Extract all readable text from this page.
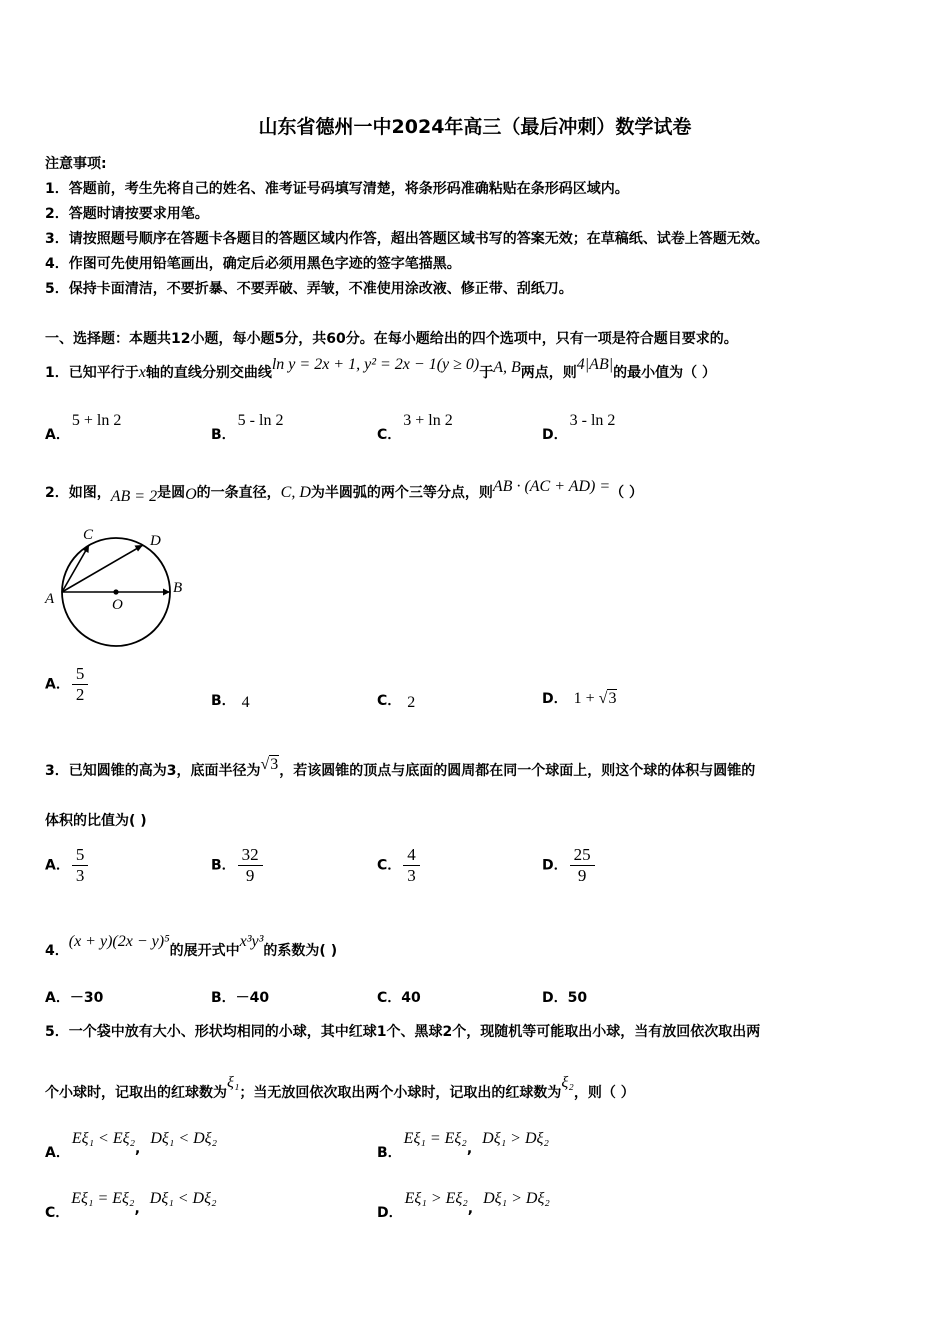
山东省德州一中2024年高三（最后冲刺）数学试卷
注意事项:
1．答题前，考生先将自己的姓名、准考证号码填写清楚，将条形码准确粘贴在条形码区域内。
2．答题时请按要求用笔。
3．请按照题号顺序在答题卡各题目的答题区域内作答，超出答题区域书写的答案无效；在草稿纸、试卷上答题无效。
4．作图可先使用铅笔画出，确定后必须用黑色字迹的签字笔描黑。
5．保持卡面清洁，不要折暴、不要弄破、弄皱，不准使用涂改液、修正带、刮纸刀。
一、选择题：本题共12小题，每小题5分，共60分。在每小题给出的四个选项中，只有一项是符合题目要求的。
1．已知平行于x轴的直线分别交曲线ln y = 2x + 1, y² = 2x − 1(y ≥ 0)于A, B两点，则4|AB|的最小值为（ ）
A．5 + ln 2
B．5 - ln 2
C．3 + ln 2
D．3 - ln 2
2．如图，AB = 2是圆O的一条直径，C, D为半圆弧的两个三等分点，则AB · (AC + AD) =（ ）
A
B
C	D
O
A． $\frac{5}{2}$	B． 4	C． 2	D． 1 + √3
3．已知圆锥的高为3，底面半径为√3，若该圆锥的顶点与底面的圆周都在同一个球面上，则这个球的体积与圆锥的
体积的比值为( )
A． $\frac{5}{3}$	B． $\frac{32}{9}$	C． $\frac{4}{3}$	D． $\frac{25}{9}$
4．(x + y)(2x − y)⁵的展开式中x³y³的系数为( )
A．－30	B．－40	C．40	D．50
5．一个袋中放有大小、形状均相同的小球，其中红球1个、黑球2个，现随机等可能取出小球，当有放回依次取出两
个小球时，记取出的红球数为ξ₁；当无放回依次取出两个小球时，记取出的红球数为ξ₂，则（ ）
A．Eξ₁ < Eξ₂,Dξ₁ < Dξ₂
B．Eξ₁ = Eξ₂,Dξ₁ > Dξ₂
C．Eξ₁ = Eξ₂,Dξ₁ < Dξ₂
D．Eξ₁ > Eξ₂,Dξ₁ > Dξ₂
